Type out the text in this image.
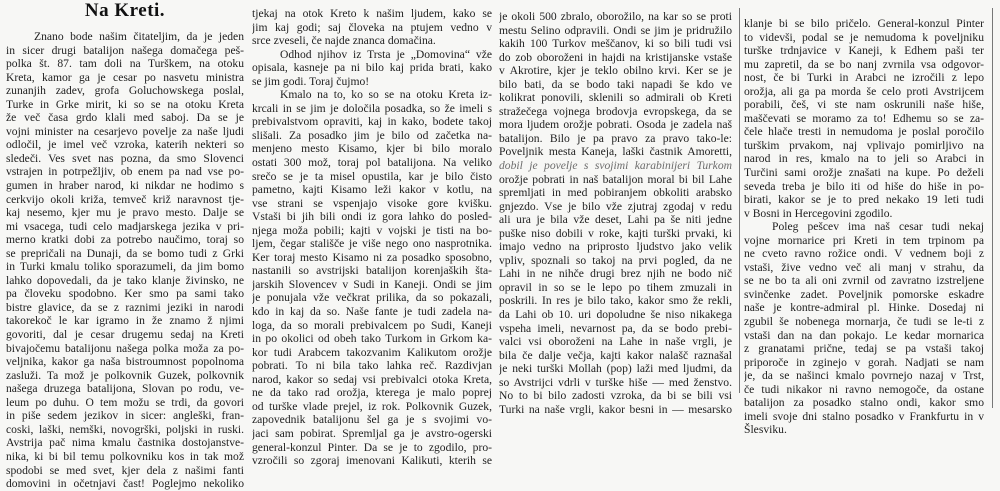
Na Kreti.
Znano bode našim čitateljim, da je jeden
in sicer drugi batalijon našega domačega peš-
polka št. 87. tam doli na Turškem, na otoku
Kreta, kamor ga je cesar po nasvetu ministra
zunanjih zadev, grofa Goluchowskega poslal,
Turke in Grke mirit, ki so se na otoku Kreta
že več časa grdo klali med saboj. Da se je
vojni minister na cesarjevo povelje za naše ljudi
odločil, je imel več vzroka, katerih nekteri so
sledeči. Ves svet nas pozna, da smo Slovenci
vstrajen in potrpežljiv, ob enem pa nad vse po-
gumen in hraber narod, ki nikdar ne hodimo s
cerkvijo okoli križa, temveč križ naravnost tje-
kaj nesemo, kjer mu je pravo mesto. Dalje se
mi vsacega, tudi celo madjarskega jezika v pri-
merno kratki dobi za potrebo naučimo, toraj so
se prepričali na Dunaji, da se bomo tudi z Grki
in Turki kmalu toliko sporazumeli, da jim bomo
lahko dopovedali, da je tako klanje živinsko, ne
pa človeku spodobno. Ker smo pa sami tako
bistre glavice, da se z raznimi jeziki in narodi
takorekoč le kar igramo in že znamo ž njimi
govoriti, dal je cesar drugemu sedaj na Kreti
bivajočemu batalijonu našega polka moža za po-
veljnika, kakor ga naša bistroumnost popolnoma
zasluži. Ta mož je polkovnik Guzek, polkovnik
našega druzega batalijona, Slovan po rodu, ve-
leum po duhu. O tem možu se trdi, da govori
in piše sedem jezikov in sicer: angleški, fran-
coski, laški, nemški, novogrški, poljski in ruski.
Avstrija pač nima kmalu častnika dostojanstve-
nika, ki bi bil temu polkovniku kos in tak mož
spodobi se med svet, kjer dela z našimi fanti
domovini in očetnjavi čast! Poglejmo nekoliko
tjekaj na otok Kreto k našim ljudem, kako se
jim kaj godi; saj človeka na ptujem vedno v
srce zveseli, če najde znanca domačina.
Odhod njihov iz Trsta je „Domovina“ vže
opisala, kasneje pa ni bilo kaj prida brati, kako
se jim godi. Toraj čujmo!
Kmalo na to, ko so se na otoku Kreta iz-
krcali in se jim je določila posadka, so že imeli s
prebivalstvom opraviti, kaj in kako, bodete takoj
slišali. Za posadko jim je bilo od začetka na-
menjeno mesto Kisamo, kjer bi bilo moralo
ostati 300 mož, toraj pol batalijona. Na veliko
srečo se je ta misel opustila, kar je bilo čisto
pametno, kajti Kisamo leži kakor v kotlu, na
vse strani se vspenjajo visoke gore kvišku.
Vstaši bi jih bili ondi iz gora lahko do posled-
njega moža pobili; kajti v vojski je tisti na bo-
ljem, čegar stališče je više nego ono nasprotnika.
Ker toraj mesto Kisamo ni za posadko sposobno,
nastanili so avstrijski batalijon korenjaških šta-
jarskih Slovencev v Sudi in Kaneji. Ondi se jim
je ponujala vže večkrat prilika, da so pokazali,
kdo in kaj da so. Naše fante je tudi zadela na-
loga, da so morali prebivalcem po Sudi, Kaneji
in po okolici od obeh tako Turkom in Grkom ka-
kor tudi Arabcem takozvanim Kalikutom orožje
pobrati. To ni bila tako lahka reč. Razdivjan
narod, kakor so sedaj vsi prebivalci otoka Kreta,
ne da tako rad orožja, kterega je malo poprej
od turške vlade prejel, iz rok. Polkovnik Guzek,
zapovednik batalijonu šel ga je s svojimi vo-
jaci sam pobirat. Spremljal ga je avstro-ogerski
general-konzul Pinter. Da se je to zgodilo, pro-
vzročili so zgoraj imenovani Kalikuti, kterih se
je okoli 500 zbralo, oborožilo, na kar so se proti
mestu Selino odpravili. Ondi se jim je pridružilo
kakih 100 Turkov meščanov, ki so bili tudi vsi
do zob oboroženi in hajdi na kristijanske vstaše
v Akrotire, kjer je teklo obilno krvi. Ker se je
bilo bati, da se bodo taki napadi še kdo ve
kolikrat ponovili, sklenili so admirali ob Kreti
stražečega vojnega brodovja evropskega, da se
mora ljudem orožje pobrati. Osoda je zadela naš
batalijon. Bilo je pa pravo za pravo tako-le:
Poveljnik mesta Kaneja, laški častnik Amoretti,
dobil je povelje s svojimi karabinijeri Turkom
orožje pobrati in naš batalijon moral bi bil Lahe
spremljati in med pobiranjem obkoliti arabsko
gnjezdo. Vse je bilo vže zjutraj zgodaj v redu
ali ura je bila vže deset, Lahi pa še niti jedne
puške niso dobili v roke, kajti turški prvaki, ki
imajo vedno na priprosto ljudstvo jako velik
vpliv, spoznali so takoj na prvi pogled, da ne
Lahi in ne nihče drugi brez njih ne bodo nič
opravil in so se le lepo po tihem zmuzali in
poskrili. In res je bilo tako, kakor smo že rekli,
da Lahi ob 10. uri dopoludne še niso nikakega
vspeha imeli, nevarnost pa, da se bodo prebi-
valci vsi oboroženi na Lahe in naše vrgli, je
bila če dalje večja, kajti kakor nalašč raznašal
je neki turški Mollah (pop) laži med ljudmi, da
so Avstrijci vdrli v turške hiše — med ženstvo.
No to bi bilo zadosti vzroka, da bi se bili vsi
Turki na naše vrgli, kakor besni in — mesarsko
klanje bi se bilo pričelo. General-konzul Pinter
to videvši, podal se je nemudoma k poveljniku
turške trdnjavice v Kaneji, k Edhem paši ter
mu zapretil, da se bo nanj zvrnila vsa odgovor-
nost, če bi Turki in Arabci ne izročili z lepo
orožja, ali ga pa morda še celo proti Avstrijcem
porabili, češ, vi ste nam oskrunili naše hiše,
maščevati se moramo za to! Edhemu so se za-
čele hlače tresti in nemudoma je poslal poročilo
turškim prvakom, naj vplivajo pomirljivo na
narod in res, kmalo na to jeli so Arabci in
Turčini sami orožje znašati na kupe. Po deželi
seveda treba je bilo iti od hiše do hiše in po-
birati, kakor se je to pred nekako 19 leti tudi
v Bosni in Hercegovini zgodilo.
Poleg pešcev ima naš cesar tudi nekaj
vojne mornarice pri Kreti in tem trpinom pa
ne cveto ravno rožice ondi. V vednem boji z
vstaši, žive vedno več ali manj v strahu, da
se ne bo ta ali oni zvrnil od zavratno izstreljene
svinčenke zadet. Poveljnik pomorske eskadre
naše je kontre-admiral pl. Hinke. Dosedaj ni
zgubil še nobenega mornarja, če tudi se le-ti z
vstaši dan na dan pokajo. Le kedar mornarica
z granatami prične, tedaj se pa vstaši takoj
priporoče in zginejo v gorah. Nadjati se nam
je, da se našinci kmalo povrnejo nazaj v Trst,
če tudi nikakor ni ravno nemogoče, da ostane
batalijon za posadko stalno ondi, kakor smo
imeli svoje dni stalno posadko v Frankfurtu in v
Šlesviku.
